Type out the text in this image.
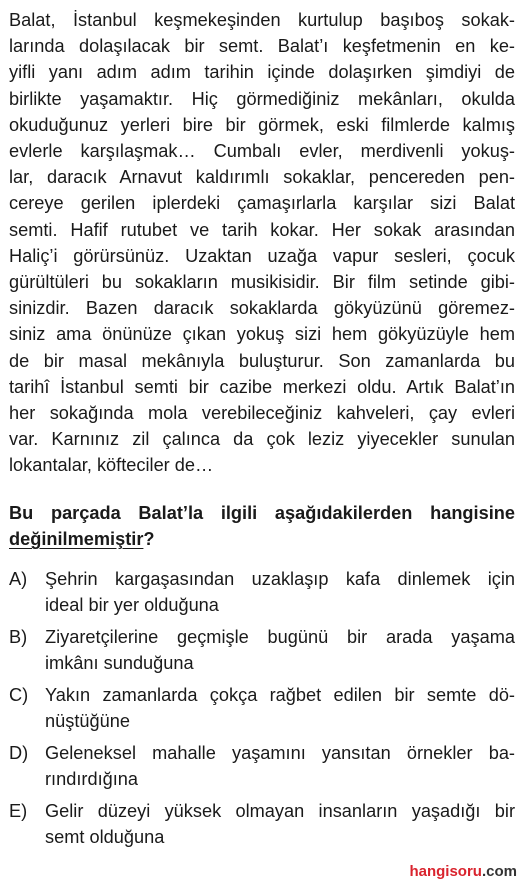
Balat, İstanbul keşmekeşinden kurtulup başıboş sokak-
larında dolaşılacak bir semt. Balat’ı keşfetmenin en ke-
yifli yanı adım adım tarihin içinde dolaşırken şimdiyi de
birlikte yaşamaktır. Hiç görmediğiniz mekânları, okulda
okuduğunuz yerleri bire bir görmek, eski filmlerde kalmış
evlerle karşılaşmak… Cumbalı evler, merdivenli yokuş-
lar, daracık Arnavut kaldırımlı sokaklar, pencereden pen-
cereye gerilen iplerdeki çamaşırlarla karşılar sizi Balat
semti. Hafif rutubet ve tarih kokar. Her sokak arasından
Haliç’i görürsünüz. Uzaktan uzağa vapur sesleri, çocuk
gürültüleri bu sokakların musikisidir. Bir film setinde gibi-
sinizdir. Bazen daracık sokaklarda gökyüzünü göremez-
siniz ama önünüze çıkan yokuş sizi hem gökyüzüyle hem
de bir masal mekânıyla buluşturur. Son zamanlarda bu
tarihî İstanbul semti bir cazibe merkezi oldu. Artık Balat’ın
her sokağında mola verebileceğiniz kahveleri, çay evleri
var. Karnınız zil çalınca da çok leziz yiyecekler sunulan
lokantalar, köfteciler de…
Bu parçada Balat’la ilgili aşağıdakilerden hangisine
değinilmemiştir?
A) Şehrin kargaşasından uzaklaşıp kafa dinlemek için
ideal bir yer olduğuna
B) Ziyaretçilerine geçmişle bugünü bir arada yaşama
imkânı sunduğuna
C) Yakın zamanlarda çokça rağbet edilen bir semte dö-
nüştüğüne
D) Geleneksel mahalle yaşamını yansıtan örnekler ba-
rındırdığına
E) Gelir düzeyi yüksek olmayan insanların yaşadığı bir
semt olduğuna
hangisoru.com
